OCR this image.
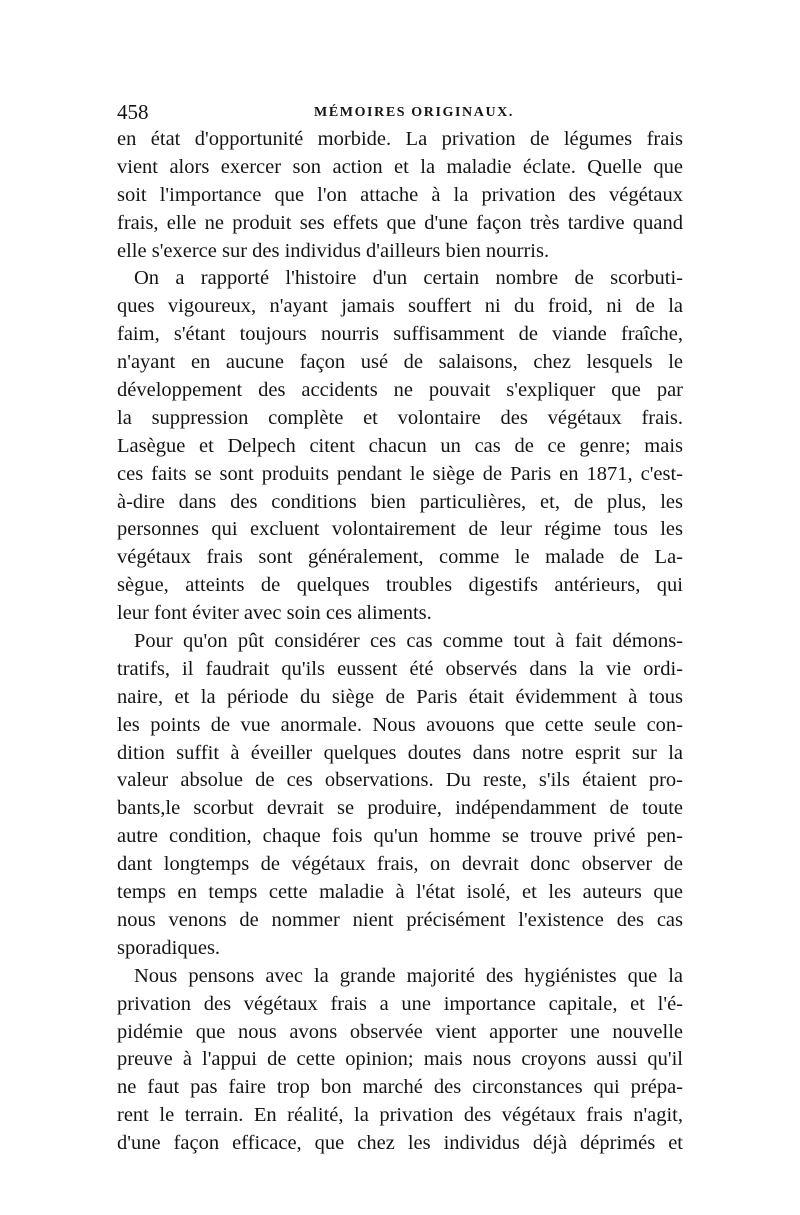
458	MÉMOIRES ORIGINAUX.
en état d'opportunité morbide. La privation de légumes frais
vient alors exercer son action et la maladie éclate. Quelle que
soit l'importance que l'on attache à la privation des végétaux
frais, elle ne produit ses effets que d'une façon très tardive quand
elle s'exerce sur des individus d'ailleurs bien nourris.
On a rapporté l'histoire d'un certain nombre de scorbuti-
ques vigoureux, n'ayant jamais souffert ni du froid, ni de la
faim, s'étant toujours nourris suffisamment de viande fraîche,
n'ayant en aucune façon usé de salaisons, chez lesquels le
développement des accidents ne pouvait s'expliquer que par
la suppression complète et volontaire des végétaux frais.
Lasègue et Delpech citent chacun un cas de ce genre; mais
ces faits se sont produits pendant le siège de Paris en 1871, c'est-
à-dire dans des conditions bien particulières, et, de plus, les
personnes qui excluent volontairement de leur régime tous les
végétaux frais sont généralement, comme le malade de La-
sègue, atteints de quelques troubles digestifs antérieurs, qui
leur font éviter avec soin ces aliments.
Pour qu'on pût considérer ces cas comme tout à fait démons-
tratifs, il faudrait qu'ils eussent été observés dans la vie ordi-
naire, et la période du siège de Paris était évidemment à tous
les points de vue anormale. Nous avouons que cette seule con-
dition suffit à éveiller quelques doutes dans notre esprit sur la
valeur absolue de ces observations. Du reste, s'ils étaient pro-
bants,le scorbut devrait se produire, indépendamment de toute
autre condition, chaque fois qu'un homme se trouve privé pen-
dant longtemps de végétaux frais, on devrait donc observer de
temps en temps cette maladie à l'état isolé, et les auteurs que
nous venons de nommer nient précisément l'existence des cas
sporadiques.
Nous pensons avec la grande majorité des hygiénistes que la
privation des végétaux frais a une importance capitale, et l'é-
pidémie que nous avons observée vient apporter une nouvelle
preuve à l'appui de cette opinion; mais nous croyons aussi qu'il
ne faut pas faire trop bon marché des circonstances qui prépa-
rent le terrain. En réalité, la privation des végétaux frais n'agit,
d'une façon efficace, que chez les individus déjà déprimés et
